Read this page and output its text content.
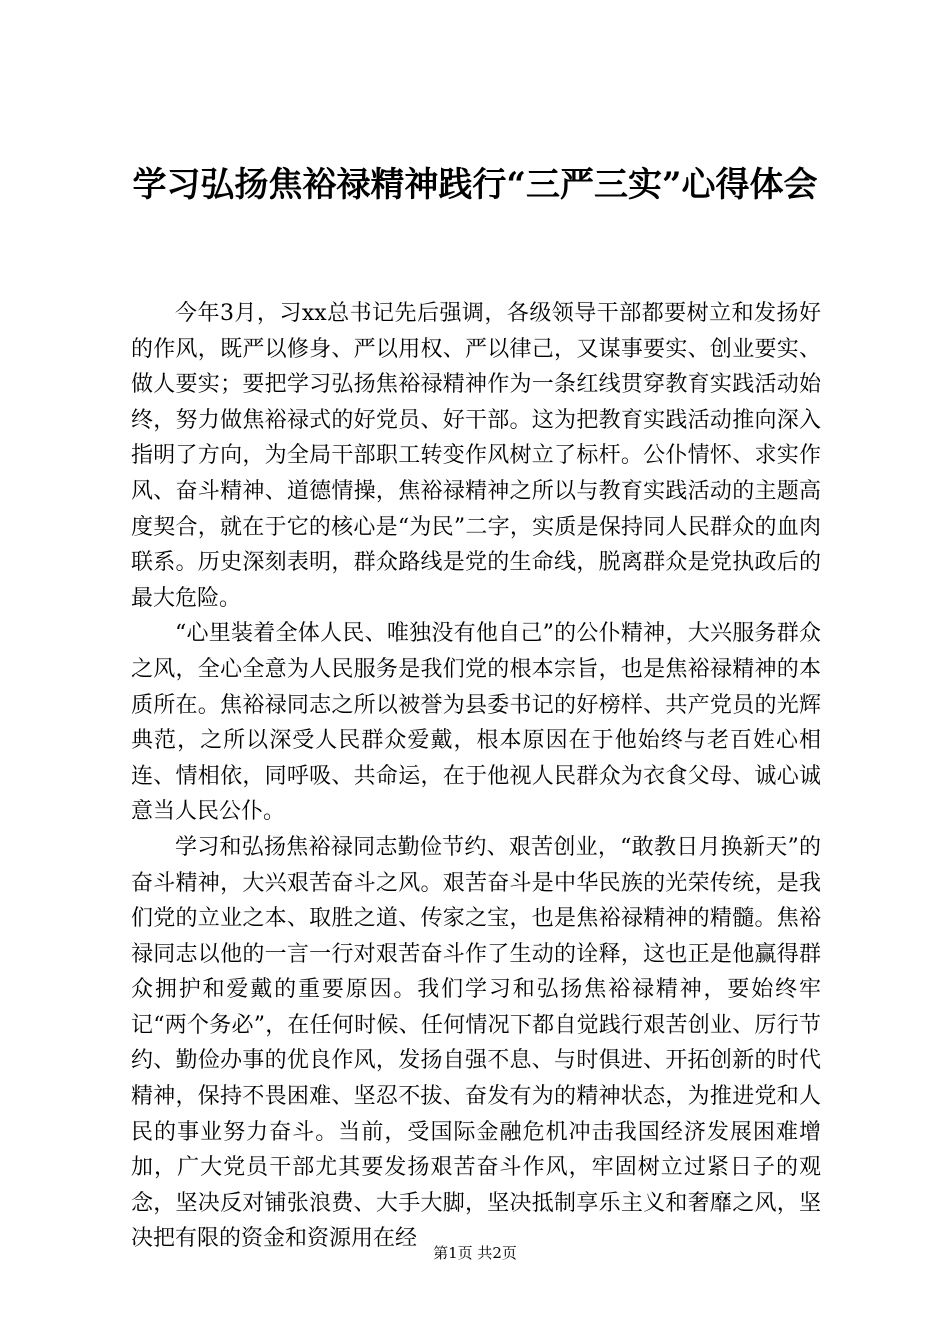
学习弘扬焦裕禄精神践行“三严三实”心得体会

今年3月，习xx总书记先后强调，各级领导干部都要树立和发扬好的作风，既严以修身、严以用权、严以律己，又谋事要实、创业要实、做人要实；要把学习弘扬焦裕禄精神作为一条红线贯穿教育实践活动始终，努力做焦裕禄式的好党员、好干部。这为把教育实践活动推向深入指明了方向，为全局干部职工转变作风树立了标杆。公仆情怀、求实作风、奋斗精神、道德情操，焦裕禄精神之所以与教育实践活动的主题高度契合，就在于它的核心是“为民”二字，实质是保持同人民群众的血肉联系。历史深刻表明，群众路线是党的生命线，脱离群众是党执政后的最大危险。

“心里装着全体人民、唯独没有他自己”的公仆精神，大兴服务群众之风，全心全意为人民服务是我们党的根本宗旨，也是焦裕禄精神的本质所在。焦裕禄同志之所以被誉为县委书记的好榜样、共产党员的光辉典范，之所以深受人民群众爱戴，根本原因在于他始终与老百姓心相连、情相依，同呼吸、共命运，在于他视人民群众为衣食父母、诚心诚意当人民公仆。

学习和弘扬焦裕禄同志勤俭节约、艰苦创业，“敢教日月换新天”的奋斗精神，大兴艰苦奋斗之风。艰苦奋斗是中华民族的光荣传统，是我们党的立业之本、取胜之道、传家之宝，也是焦裕禄精神的精髓。焦裕禄同志以他的一言一行对艰苦奋斗作了生动的诠释，这也正是他赢得群众拥护和爱戴的重要原因。我们学习和弘扬焦裕禄精神，要始终牢记“两个务必”，在任何时候、任何情况下都自觉践行艰苦创业、厉行节约、勤俭办事的优良作风，发扬自强不息、与时俱进、开拓创新的时代精神，保持不畏困难、坚忍不拔、奋发有为的精神状态，为推进党和人民的事业努力奋斗。当前，受国际金融危机冲击我国经济发展困难增加，广大党员干部尤其要发扬艰苦奋斗作风，牢固树立过紧日子的观念，坚决反对铺张浪费、大手大脚，坚决抵制享乐主义和奢靡之风，坚决把有限的资金和资源用在经

第1页 共2页
